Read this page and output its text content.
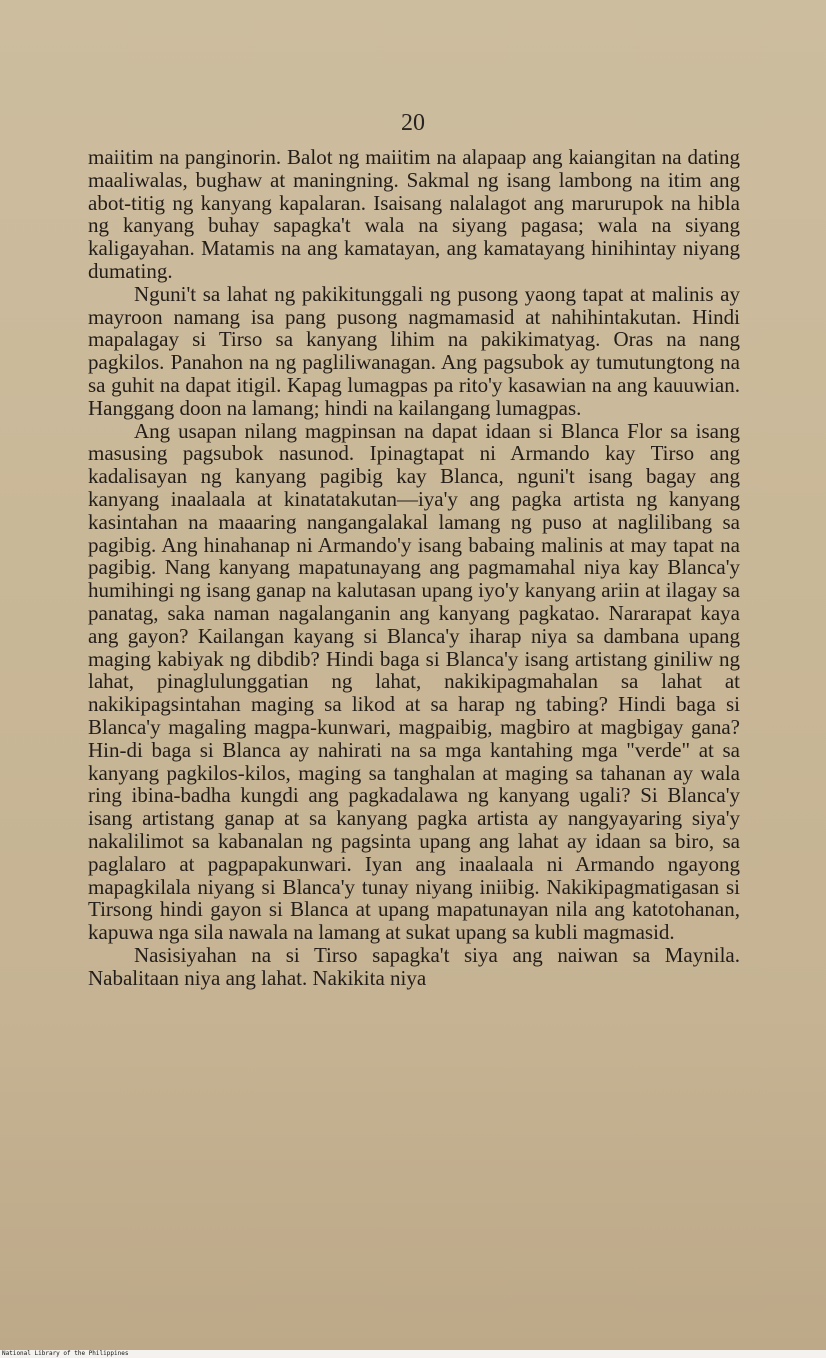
20

maiitim na panginorin. Balot ng maiitim na alapaap ang kaiangitan na dating maaliwalas, bughaw at maningning. Sakmal ng isang lambong na itim ang abot-titig ng kanyang kapalaran. Isaisang nalalagot ang marurupok na hibla ng kanyang buhay sapagka't wala na siyang pagasa; wala na siyang kaligayahan. Matamis na ang kamatayan, ang kamatayang hinihintay niyang dumating.

Nguni't sa lahat ng pakikitunggali ng pusong yaong tapat at malinis ay mayroon namang isa pang pusong nagmamasid at nahihintakutan. Hindi mapalagay si Tirso sa kanyang lihim na pakikimatyag. Oras na nang pagkilos. Panahon na ng pagliliwanagan. Ang pagsubok ay tumutungtong na sa guhit na dapat itigil. Kapag lumagpas pa rito'y kasawian na ang kauuwian. Hanggang doon na lamang; hindi na kailangang lumagpas.

Ang usapan nilang magpinsan na dapat idaan si Blanca Flor sa isang masusing pagsubok nasunod. Ipinagtapat ni Armando kay Tirso ang kadalisayan ng kanyang pagibig kay Blanca, nguni't isang bagay ang kanyang inaalaala at kinatatakutan—iya'y ang pagka artista ng kanyang kasintahan na maaaring nangangalakal lamang ng puso at naglilibang sa pagibig. Ang hinahanap ni Armando'y isang babaing malinis at may tapat na pagibig. Nang kanyang mapatunayang ang pagmamahal niya kay Blanca'y humihingi ng isang ganap na kalutasan upang iyo'y kanyang ariin at ilagay sa panatag, saka naman nagalanganin ang kanyang pagkatao. Nararapat kaya ang gayon? Kailangan kayang si Blanca'y iharap niya sa dambana upang maging kabiyak ng dibdib? Hindi baga si Blanca'y isang artistang giniliw ng lahat, pinaglulunggatian ng lahat, nakikipagmahalan sa lahat at nakikipagsintahan maging sa likod at sa harap ng tabing? Hindi baga si Blanca'y magaling magpa-kunwari, magpaibig, magbiro at magbigay gana? Hin-di baga si Blanca ay nahirati na sa mga kantahing mga "verde" at sa kanyang pagkilos-kilos, maging sa tanghalan at maging sa tahanan ay wala ring ibina-badha kungdi ang pagkadalawa ng kanyang ugali? Si Blanca'y isang artistang ganap at sa kanyang pagka artista ay nangyayaring siya'y nakalilimot sa kabanalan ng pagsinta upang ang lahat ay idaan sa biro, sa paglalaro at pagpapakunwari. Iyan ang inaalaala ni Armando ngayong mapagkilala niyang si Blanca'y tunay niyang iniibig. Nakikipagmatigasan si Tirsong hindi gayon si Blanca at upang mapatunayan nila ang katotohanan, kapuwa nga sila nawala na lamang at sukat upang sa kubli magmasid.

Nasisiyahan na si Tirso sapagka't siya ang naiwan sa Maynila. Nabalitaan niya ang lahat. Nakikita niya

National Library of the Philippines
